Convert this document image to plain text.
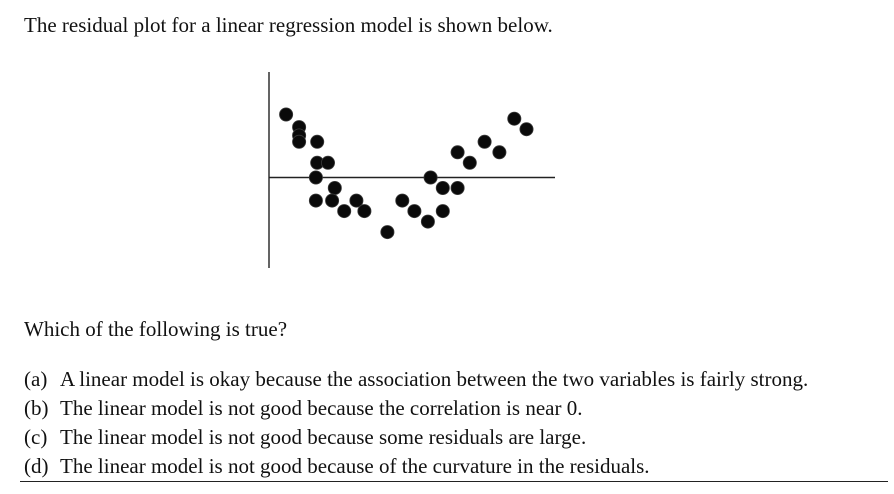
The residual plot for a linear regression model is shown below.
Which of the following is true?
(a) A linear model is okay because the association between the two variables is fairly strong.
(b) The linear model is not good because the correlation is near 0.
(c) The linear model is not good because some residuals are large.
(d) The linear model is not good because of the curvature in the residuals.
